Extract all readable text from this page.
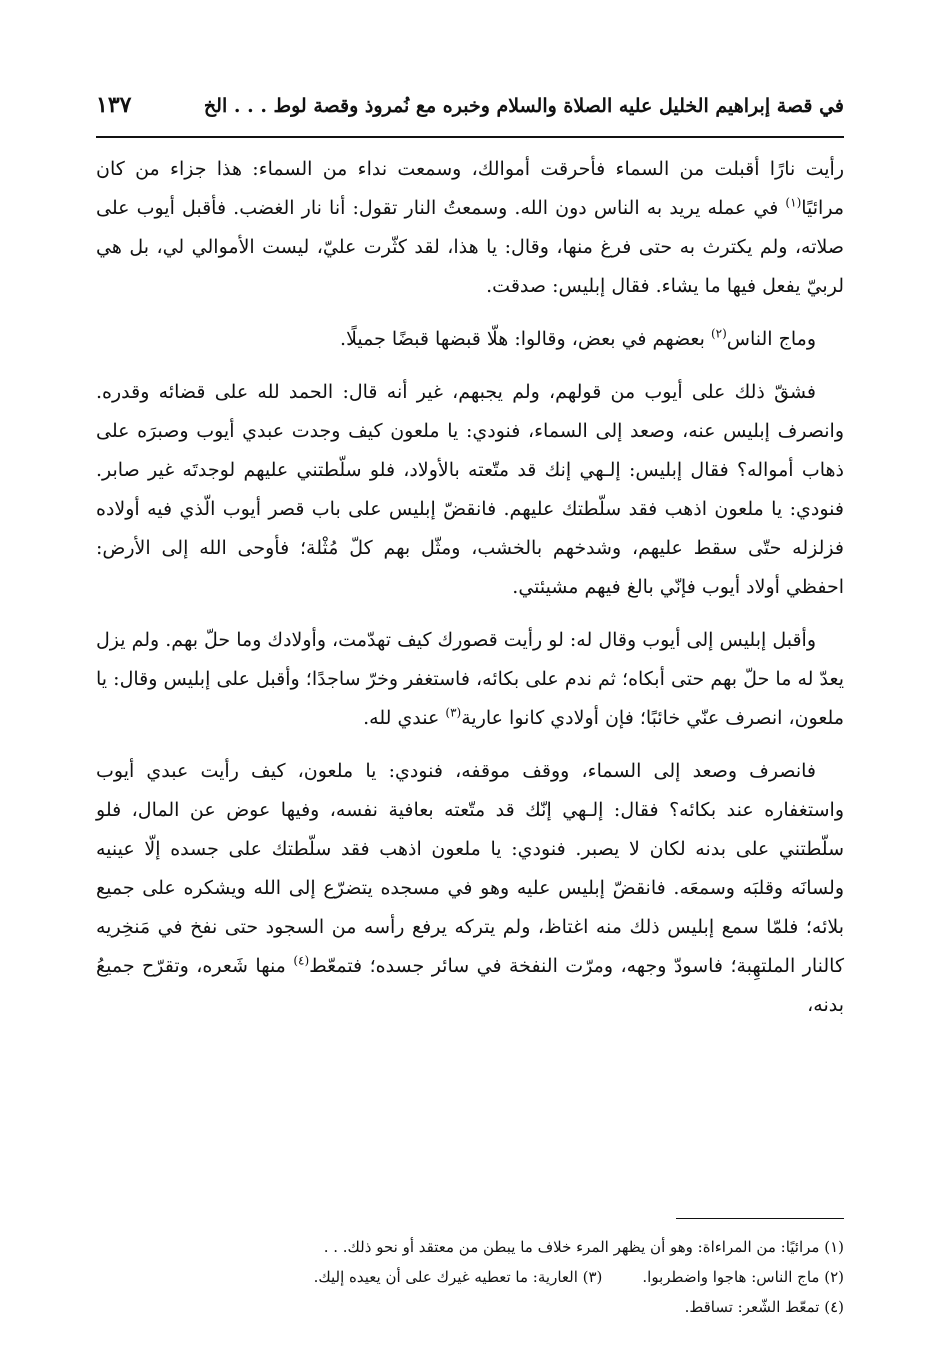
في قصة إبراهيم الخليل عليه الصلاة والسلام وخبره مع نُمروذ وقصة لوط . . . الخ
١٣٧

رأيت نارًا أقبلت من السماء فأحرقت أموالك، وسمعت نداء من السماء: هذا جزاء من كان مرائيًا$^{(١)}$ في عمله يريد به الناس دون الله. وسمعتُ النار تقول: أنا نار الغضب. فأقبل أيوب على صلاته، ولم يكترث به حتى فرغ منها، وقال: يا هذا، لقد كثّرت عليّ، ليست الأموالي لي، بل هي لربيّ يفعل فيها ما يشاء. فقال إبليس: صدقت.

وماج الناس$^{(٢)}$ بعضهم في بعض، وقالوا: هلّا قبضها قبضًا جميلًا.

فشقّ ذلك على أيوب من قولهم، ولم يجبهم، غير أنه قال: الحمد لله على قضائه وقدره. وانصرف إبليس عنه، وصعد إلى السماء، فنودي: يا ملعون كيف وجدت عبدي أيوب وصبرَه على ذهاب أمواله؟ فقال إبليس: إلـهي إنك قد متّعته بالأولاد، فلو سلّطتني عليهم لوجدتَه غير صابر. فنودي: يا ملعون اذهب فقد سلّطتك عليهم. فانقضّ إبليس على باب قصر أيوب الّذي فيه أولاده فزلزله حتّى سقط عليهم، وشدخهم بالخشب، ومثّل بهم كلّ مُثْلة؛ فأوحى الله إلى الأرض: احفظي أولاد أيوب فإنّي بالغ فيهم مشيئتي.

وأقبل إبليس إلى أيوب وقال له: لو رأيت قصورك كيف تهدّمت، وأولادك وما حلّ بهم. ولم يزل يعدّ له ما حلّ بهم حتى أبكاه؛ ثم ندم على بكائه، فاستغفر وخرّ ساجدًا؛ وأقبل على إبليس وقال: يا ملعون، انصرف عنّي خائبًا؛ فإن أولادي كانوا عارية$^{(٣)}$ عندي لله.

فانصرف وصعد إلى السماء، ووقف موقفه، فنودي: يا ملعون، كيف رأيت عبدي أيوب واستغفاره عند بكائه؟ فقال: إلـهي إنّك قد متّعته بعافية نفسه، وفيها عوض عن المال، فلو سلّطتني على بدنه لكان لا يصبر. فنودي: يا ملعون اذهب فقد سلّطتك على جسده إلّا عينيه ولسانَه وقلبَه وسمعَه. فانقضّ إبليس عليه وهو في مسجده يتضرّع إلى الله ويشكره على جميع بلائه؛ فلمّا سمع إبليس ذلك منه اغتاظ، ولم يتركه يرفع رأسه من السجود حتى نفخ في مَنخِريه كالنار الملتهِبة؛ فاسودّ وجهه، ومرّت النفخة في سائر جسده؛ فتمعّط$^{(٤)}$ منها شَعره، وتقرّح جميعُ بدنه،

(١) مرائيًا: من المراءاة: وهو أن يظهر المرء خلاف ما يبطن من معتقد أو نحو ذلك. . .
(٢) ماج الناس: هاجوا واضطربوا.
(٣) العارية: ما تعطيه غيرك على أن يعيده إليك.
(٤) تمعّط الشّعر: تساقط.
